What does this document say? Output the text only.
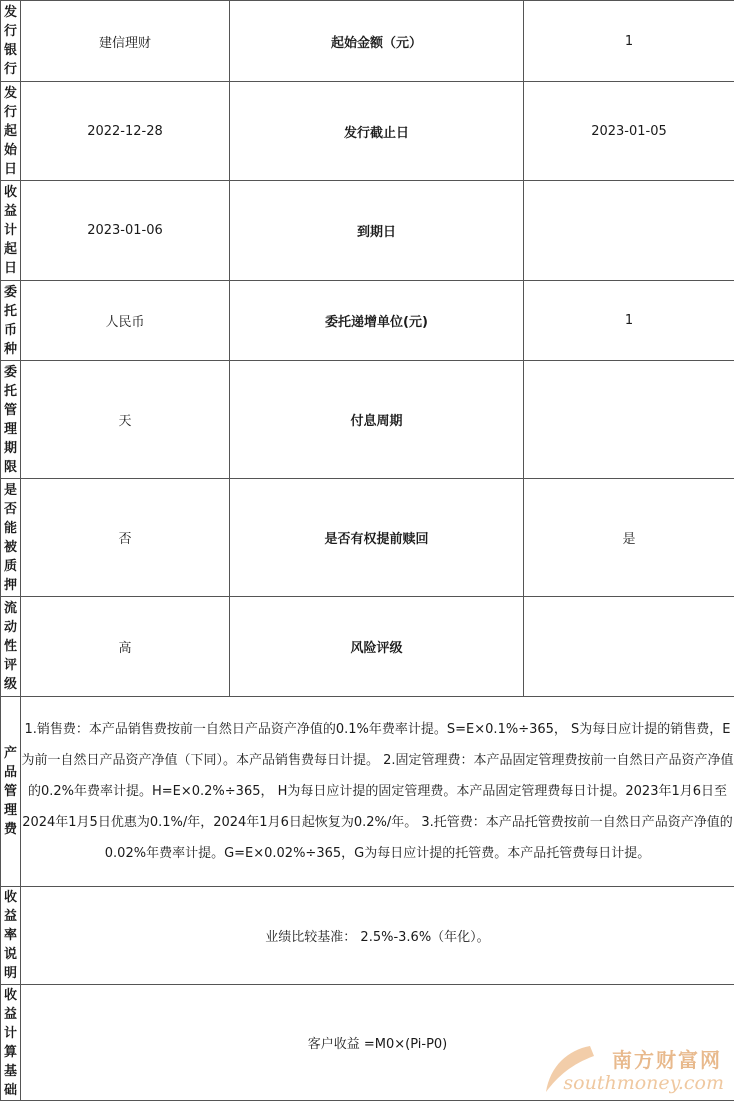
发行银行	建信理财	起始金额（元）	1

发行起始日	2022-12-28	发行截止日	2023-01-05

收益计起日	2023-01-06	到期日	

委托币种	人民币	委托递增单位(元)	1

委托管理期限	天	付息周期	

是否能被质押	否	是否有权提前赎回	是

流动性评级	高	风险评级	

产品管理费	1.销售费：本产品销售费按前一自然日产品资产净值的0.1%年费率计提。S=E×0.1%÷365， S为每日应计提的销售费，E为前一自然日产品资产净值（下同）。本产品销售费每日计提。 2.固定管理费：本产品固定管理费按前一自然日产品资产净值的0.2%年费率计提。H=E×0.2%÷365， H为每日应计提的固定管理费。本产品固定管理费每日计提。2023年1月6日至2024年1月5日优惠为0.1%/年，2024年1月6日起恢复为0.2%/年。 3.托管费：本产品托管费按前一自然日产品资产净值的0.02%年费率计提。G=E×0.02%÷365，G为每日应计提的托管费。本产品托管费每日计提。		

收益率说明	业绩比较基准： 2.5%-3.6%（年化）。		

收益计算基础	客户收益 =M0×(Pi-P0)		
南方财富网
southmoney.com
